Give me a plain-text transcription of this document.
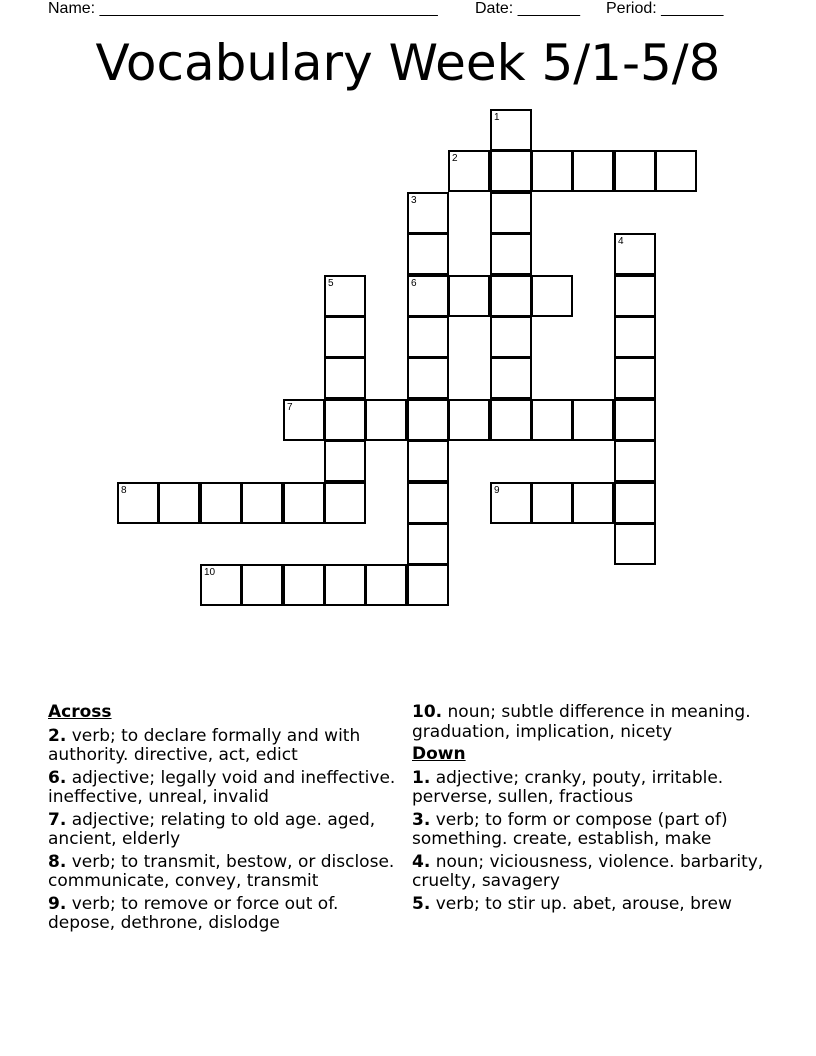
Name: ______________________________________ Date: _______ Period: _______
Vocabulary Week 5/1-5/8
1
2
3
4
5	6
7
8	9
10
Across
2. verb; to declare formally and with authority. directive, act, edict
6. adjective; legally void and ineffective. ineffective, unreal, invalid
7. adjective; relating to old age. aged, ancient, elderly
8. verb; to transmit, bestow, or disclose. communicate, convey, transmit
9. verb; to remove or force out of. depose, dethrone, dislodge
10. noun; subtle difference in meaning. graduation, implication, nicety
Down
1. adjective; cranky, pouty, irritable. perverse, sullen, fractious
3. verb; to form or compose (part of) something. create, establish, make
4. noun; viciousness, violence. barbarity, cruelty, savagery
5. verb; to stir up. abet, arouse, brew
